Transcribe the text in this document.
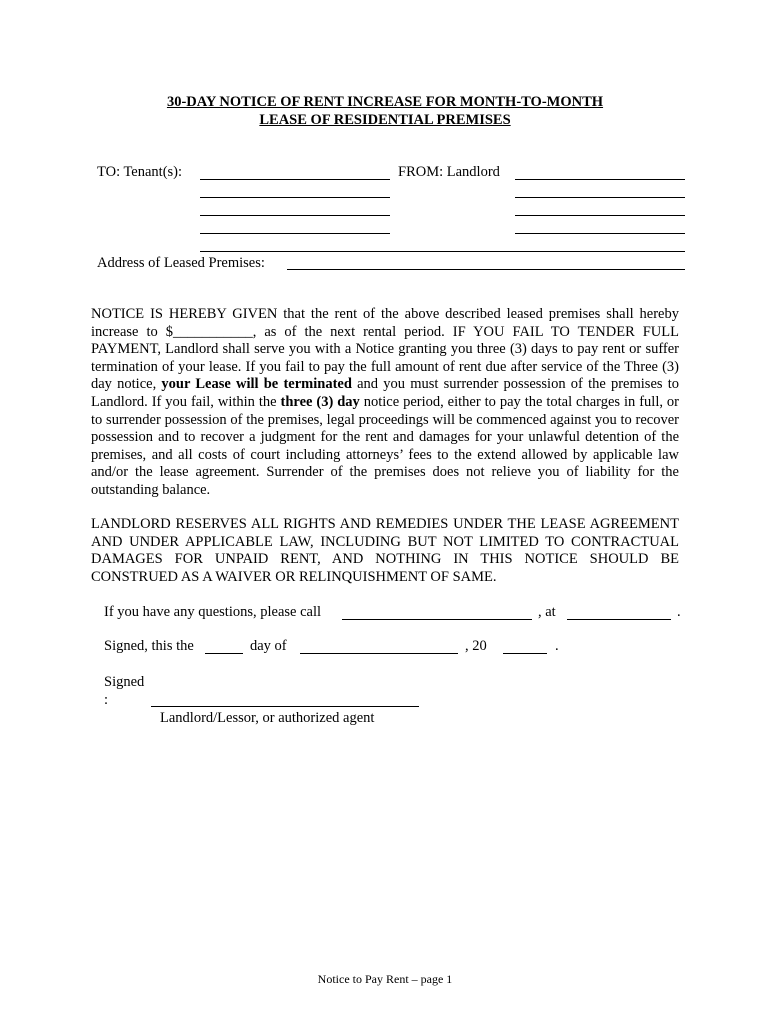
30-DAY NOTICE OF RENT INCREASE FOR MONTH-TO-MONTH
LEASE OF RESIDENTIAL PREMISES
TO: Tenant(s):	FROM: Landlord
Address of Leased Premises:
NOTICE IS HEREBY GIVEN that the rent of the above described leased premises shall hereby increase to $___________, as of the next rental period. IF YOU FAIL TO TENDER FULL PAYMENT, Landlord shall serve you with a Notice granting you three (3) days to pay rent or suffer termination of your lease. If you fail to pay the full amount of rent due after service of the Three (3) day notice, your Lease will be terminated and you must surrender possession of the premises to Landlord. If you fail, within the three (3) day notice period, either to pay the total charges in full, or to surrender possession of the premises, legal proceedings will be commenced against you to recover possession and to recover a judgment for the rent and damages for your unlawful detention of the premises, and all costs of court including attorneys’ fees to the extend allowed by applicable law and/or the lease agreement. Surrender of the premises does not relieve you of liability for the outstanding balance.
LANDLORD RESERVES ALL RIGHTS AND REMEDIES UNDER THE LEASE AGREEMENT AND UNDER APPLICABLE LAW, INCLUDING BUT NOT LIMITED TO CONTRACTUAL DAMAGES FOR UNPAID RENT, AND NOTHING IN THIS NOTICE SHOULD BE CONSTRUED AS A WAIVER OR RELINQUISHMENT OF SAME.
If you have any questions, please call	, at	.
Signed, this the	day of	, 20	.
Signed
:
Landlord/Lessor, or authorized agent
Notice to Pay Rent – page 1
